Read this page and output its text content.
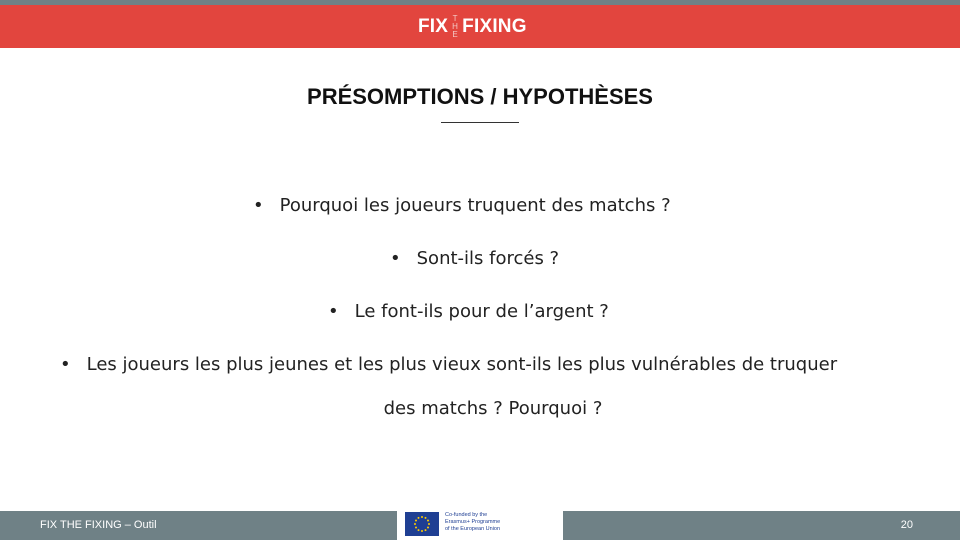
FIX T
H
E FIXING
PRÉSOMPTIONS / HYPOTHÈSES
• Pourquoi les joueurs truquent des matchs ?
• Sont-ils forcés ?
• Le font-ils pour de l’argent ?
• Les joueurs les plus jeunes et les plus vieux sont-ils les plus vulnérables de truquer
des matchs ? Pourquoi ?
FIX THE FIXING – Outil
Co-funded by the
Erasmus+ Programme
of the European Union	20
